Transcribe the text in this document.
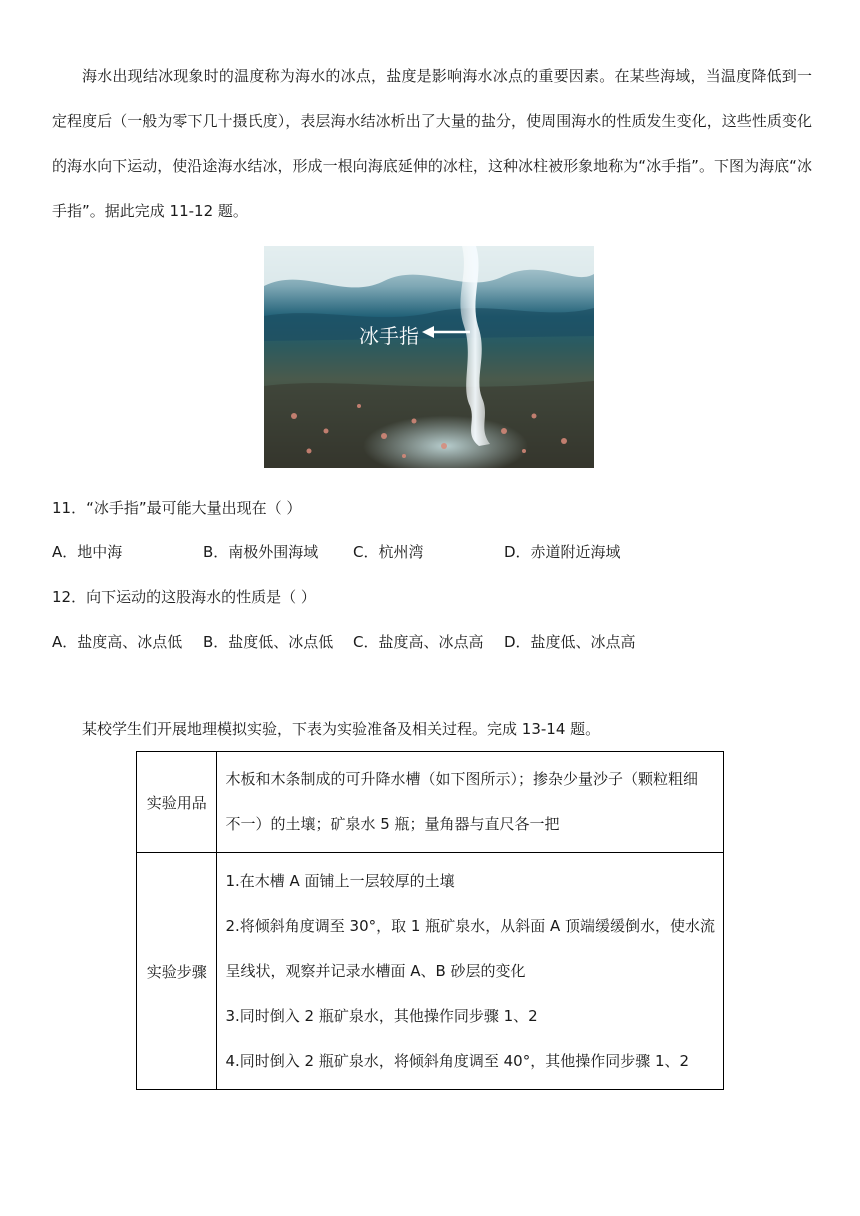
海水出现结冰现象时的温度称为海水的冰点，盐度是影响海水冰点的重要因素。在某些海域，当温度降低到一定程度后（一般为零下几十摄氏度），表层海水结冰析出了大量的盐分，使周围海水的性质发生变化，这些性质变化的海水向下运动，使沿途海水结冰，形成一根向海底延伸的冰柱，这种冰柱被形象地称为“冰手指”。下图为海底“冰手指”。据此完成 11-12 题。

冰手指

11．“冰手指”最可能大量出现在（ ）

A．地中海	B．南极外围海域 C．杭州湾	D．赤道附近海域

12．向下运动的这股海水的性质是（ ）

A．盐度高、冰点低 B．盐度低、冰点低 C．盐度高、冰点高 D．盐度低、冰点高
某校学生们开展地理模拟实验，下表为实验准备及相关过程。完成 13-14 题。
实验用品	木板和木条制成的可升降水槽（如下图所示）；掺杂少量沙子（颗粒粗细
不一）的土壤；矿泉水 5 瓶；量角器与直尺各一把

实验步骤	1.在木槽 A 面铺上一层较厚的土壤
2.将倾斜角度调至 30°，取 1 瓶矿泉水，从斜面 A 顶端缓缓倒水，使水流
呈线状，观察并记录水槽面 A、B 砂层的变化
3.同时倒入 2 瓶矿泉水，其他操作同步骤 1、2
4.同时倒入 2 瓶矿泉水，将倾斜角度调至 40°，其他操作同步骤 1、2
